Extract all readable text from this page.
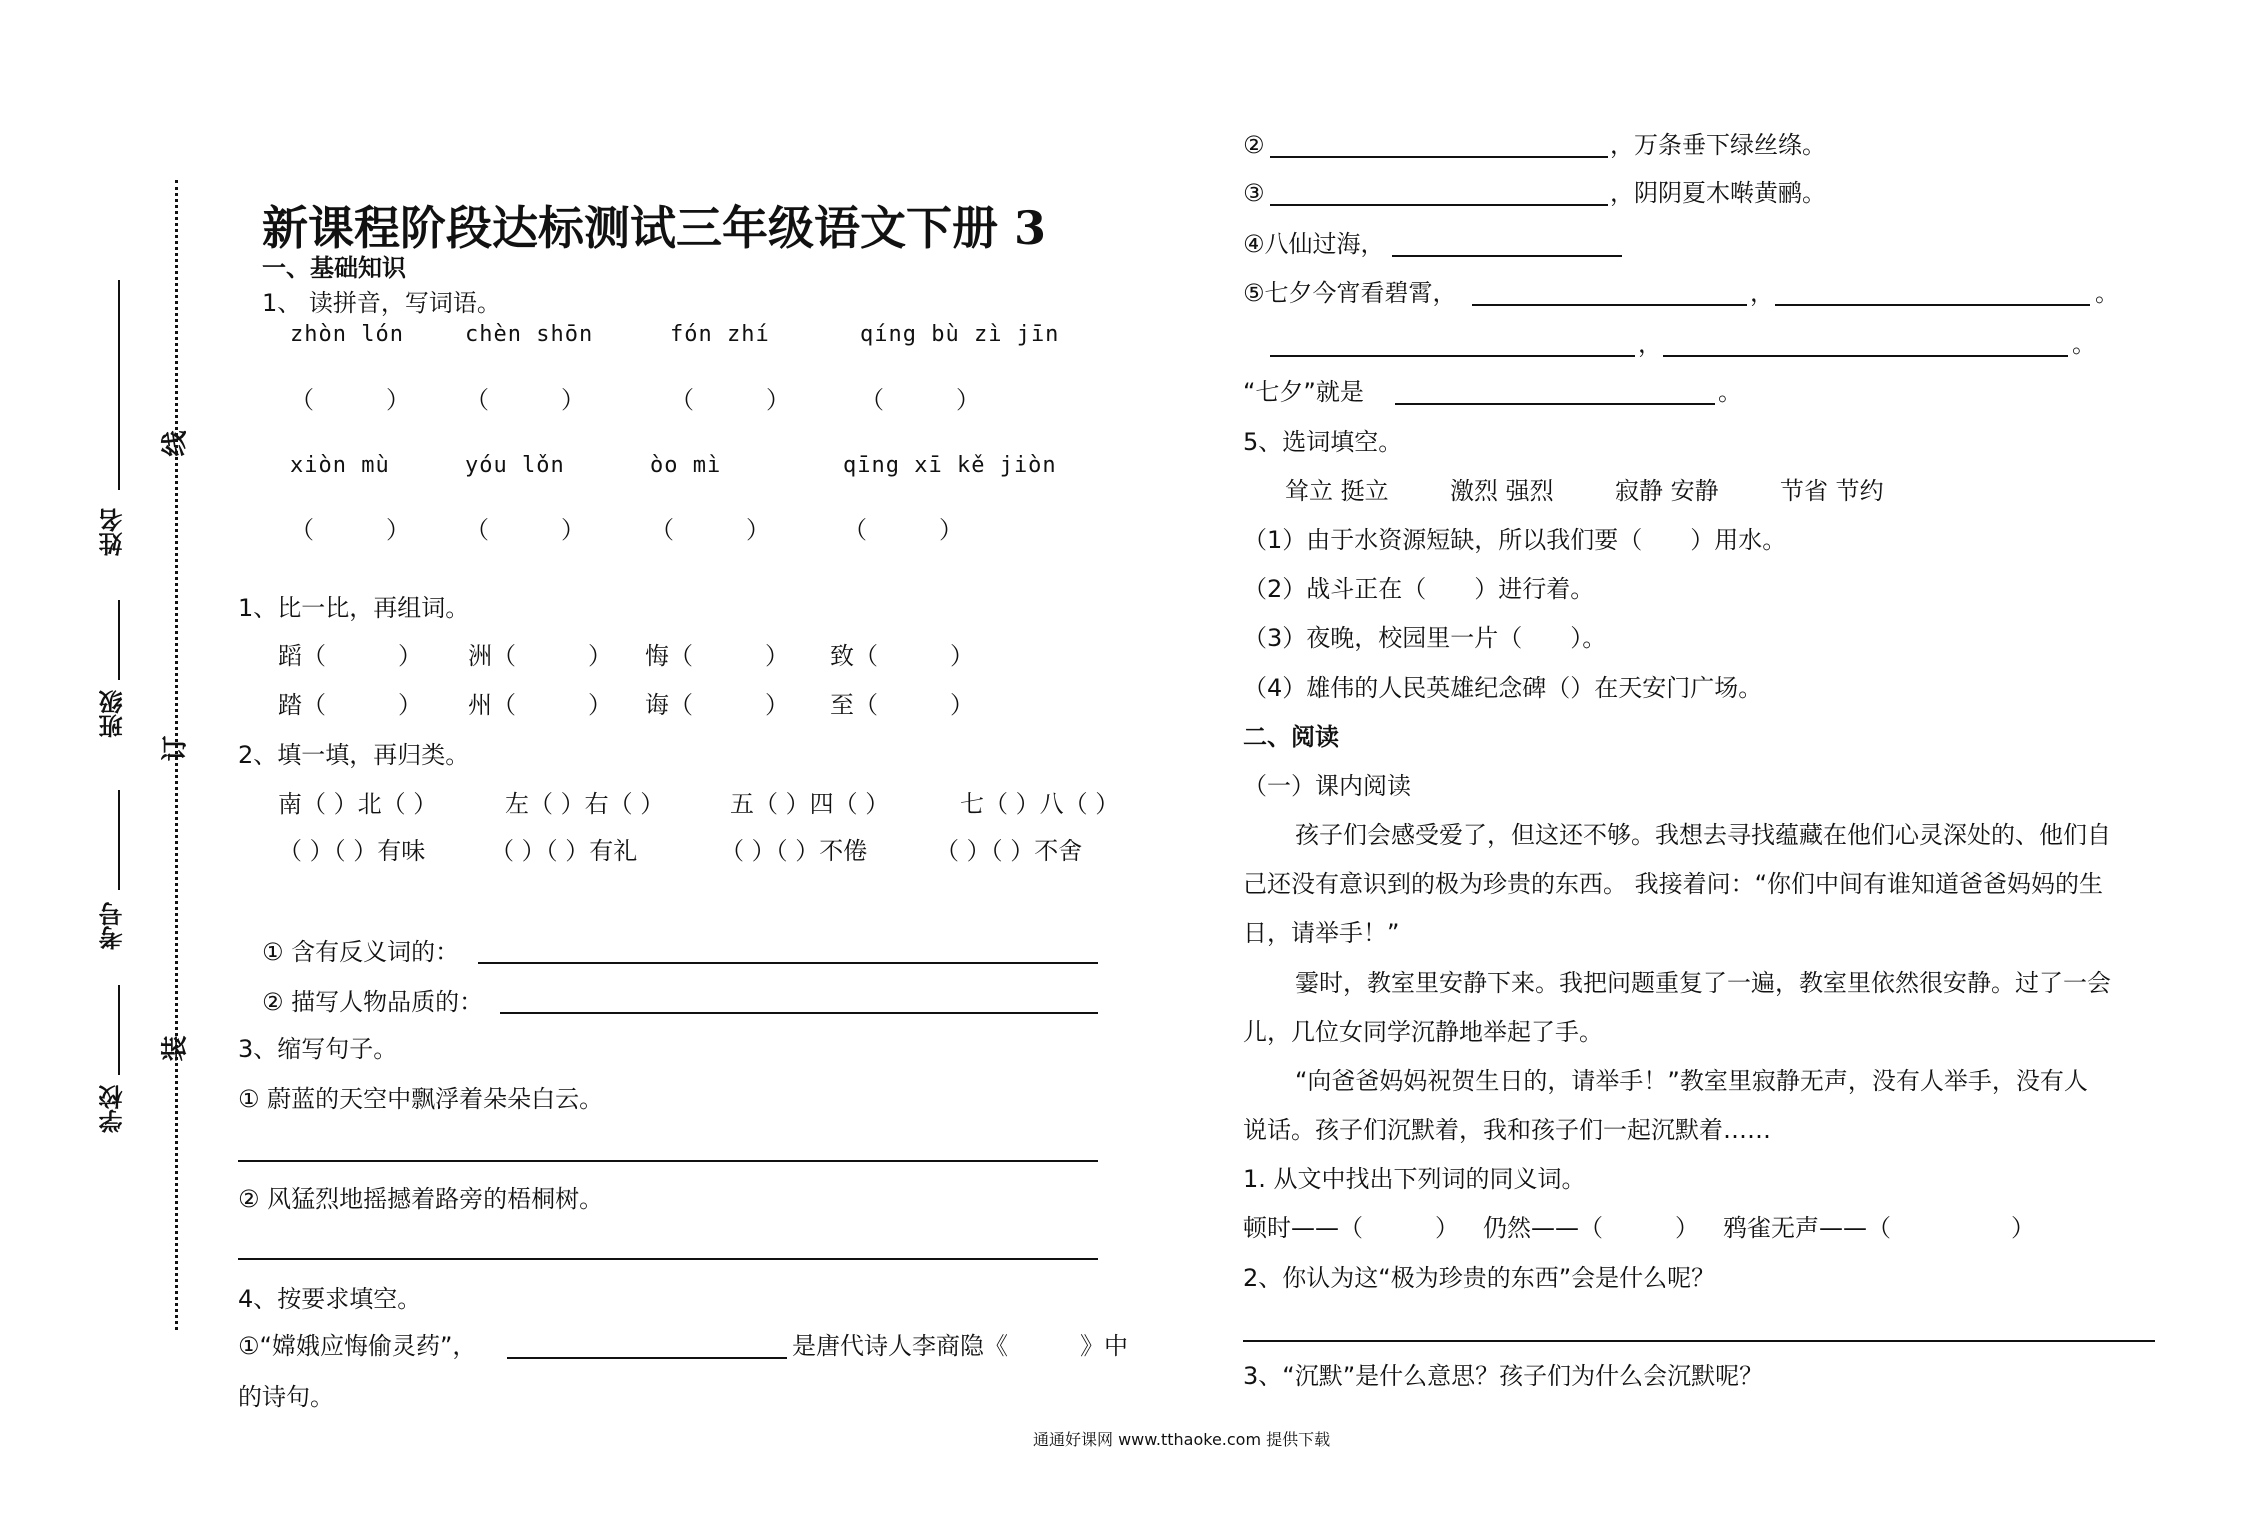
线
订
装
姓名
班级
考号
学校
新课程阶段达标测试三年级语文下册 3
一、基础知识
1、 读拼音，写词语。
zhòn lón	chèn shōn	fón zhí	qíng bù zì jīn
（　　　） （　　　）	（　　　）	（　　　）
xiòn mù	yóu lǒn	òo mì	qīng xī kě jiòn
（　　　） （　　　）	（　　　）	（　　　）
1、比一比，再组词。
蹈（　　　） 洲（　　　） 悔（　　　） 致（　　　）
踏（　　　） 州（　　　） 诲（　　　） 至（　　　）
2、填一填，再归类。
南（ ）北（ ）	左（ ）右（ ）	五（ ）四（ ）	七（ ）八（ ）
（ ）（ ）有味	（ ）（ ）有礼	（ ）（ ）不倦	（ ）（ ）不舍
① 含有反义词的：
② 描写人物品质的：
3、缩写句子。
① 蔚蓝的天空中飘浮着朵朵白云。
② 风猛烈地摇撼着路旁的梧桐树。
4、按要求填空。
①“嫦娥应悔偷灵药”，	是唐代诗人李商隐《　　　》中
的诗句。
②	，万条垂下绿丝绦。
③	，阴阴夏木啭黄鹂。
④八仙过海，
⑤七夕今宵看碧霄，	，	。
，	。
“七夕”就是	。
5、选词填空。
耸立 挺立	激烈 强烈	寂静 安静	节省 节约
（1）由于水资源短缺，所以我们要（　　）用水。
（2）战斗正在（　　）进行着。
（3）夜晚，校园里一片（　　）。
（4）雄伟的人民英雄纪念碑（）在天安门广场。
二、阅读
（一）课内阅读
孩子们会感受爱了，但这还不够。我想去寻找蕴藏在他们心灵深处的、他们自
己还没有意识到的极为珍贵的东西。 我接着问：“你们中间有谁知道爸爸妈妈的生
日，请举手！”
霎时，教室里安静下来。我把问题重复了一遍，教室里依然很安静。过了一会
儿，几位女同学沉静地举起了手。
“向爸爸妈妈祝贺生日的，请举手！”教室里寂静无声，没有人举手，没有人
说话。孩子们沉默着，我和孩子们一起沉默着……
1. 从文中找出下列词的同义词。
顿时——（　　　） 仍然——（　　　） 鸦雀无声——（　　　　　）
2、你认为这“极为珍贵的东西”会是什么呢？
3、“沉默”是什么意思？孩子们为什么会沉默呢？
通通好课网 www.tthaoke.com 提供下载
